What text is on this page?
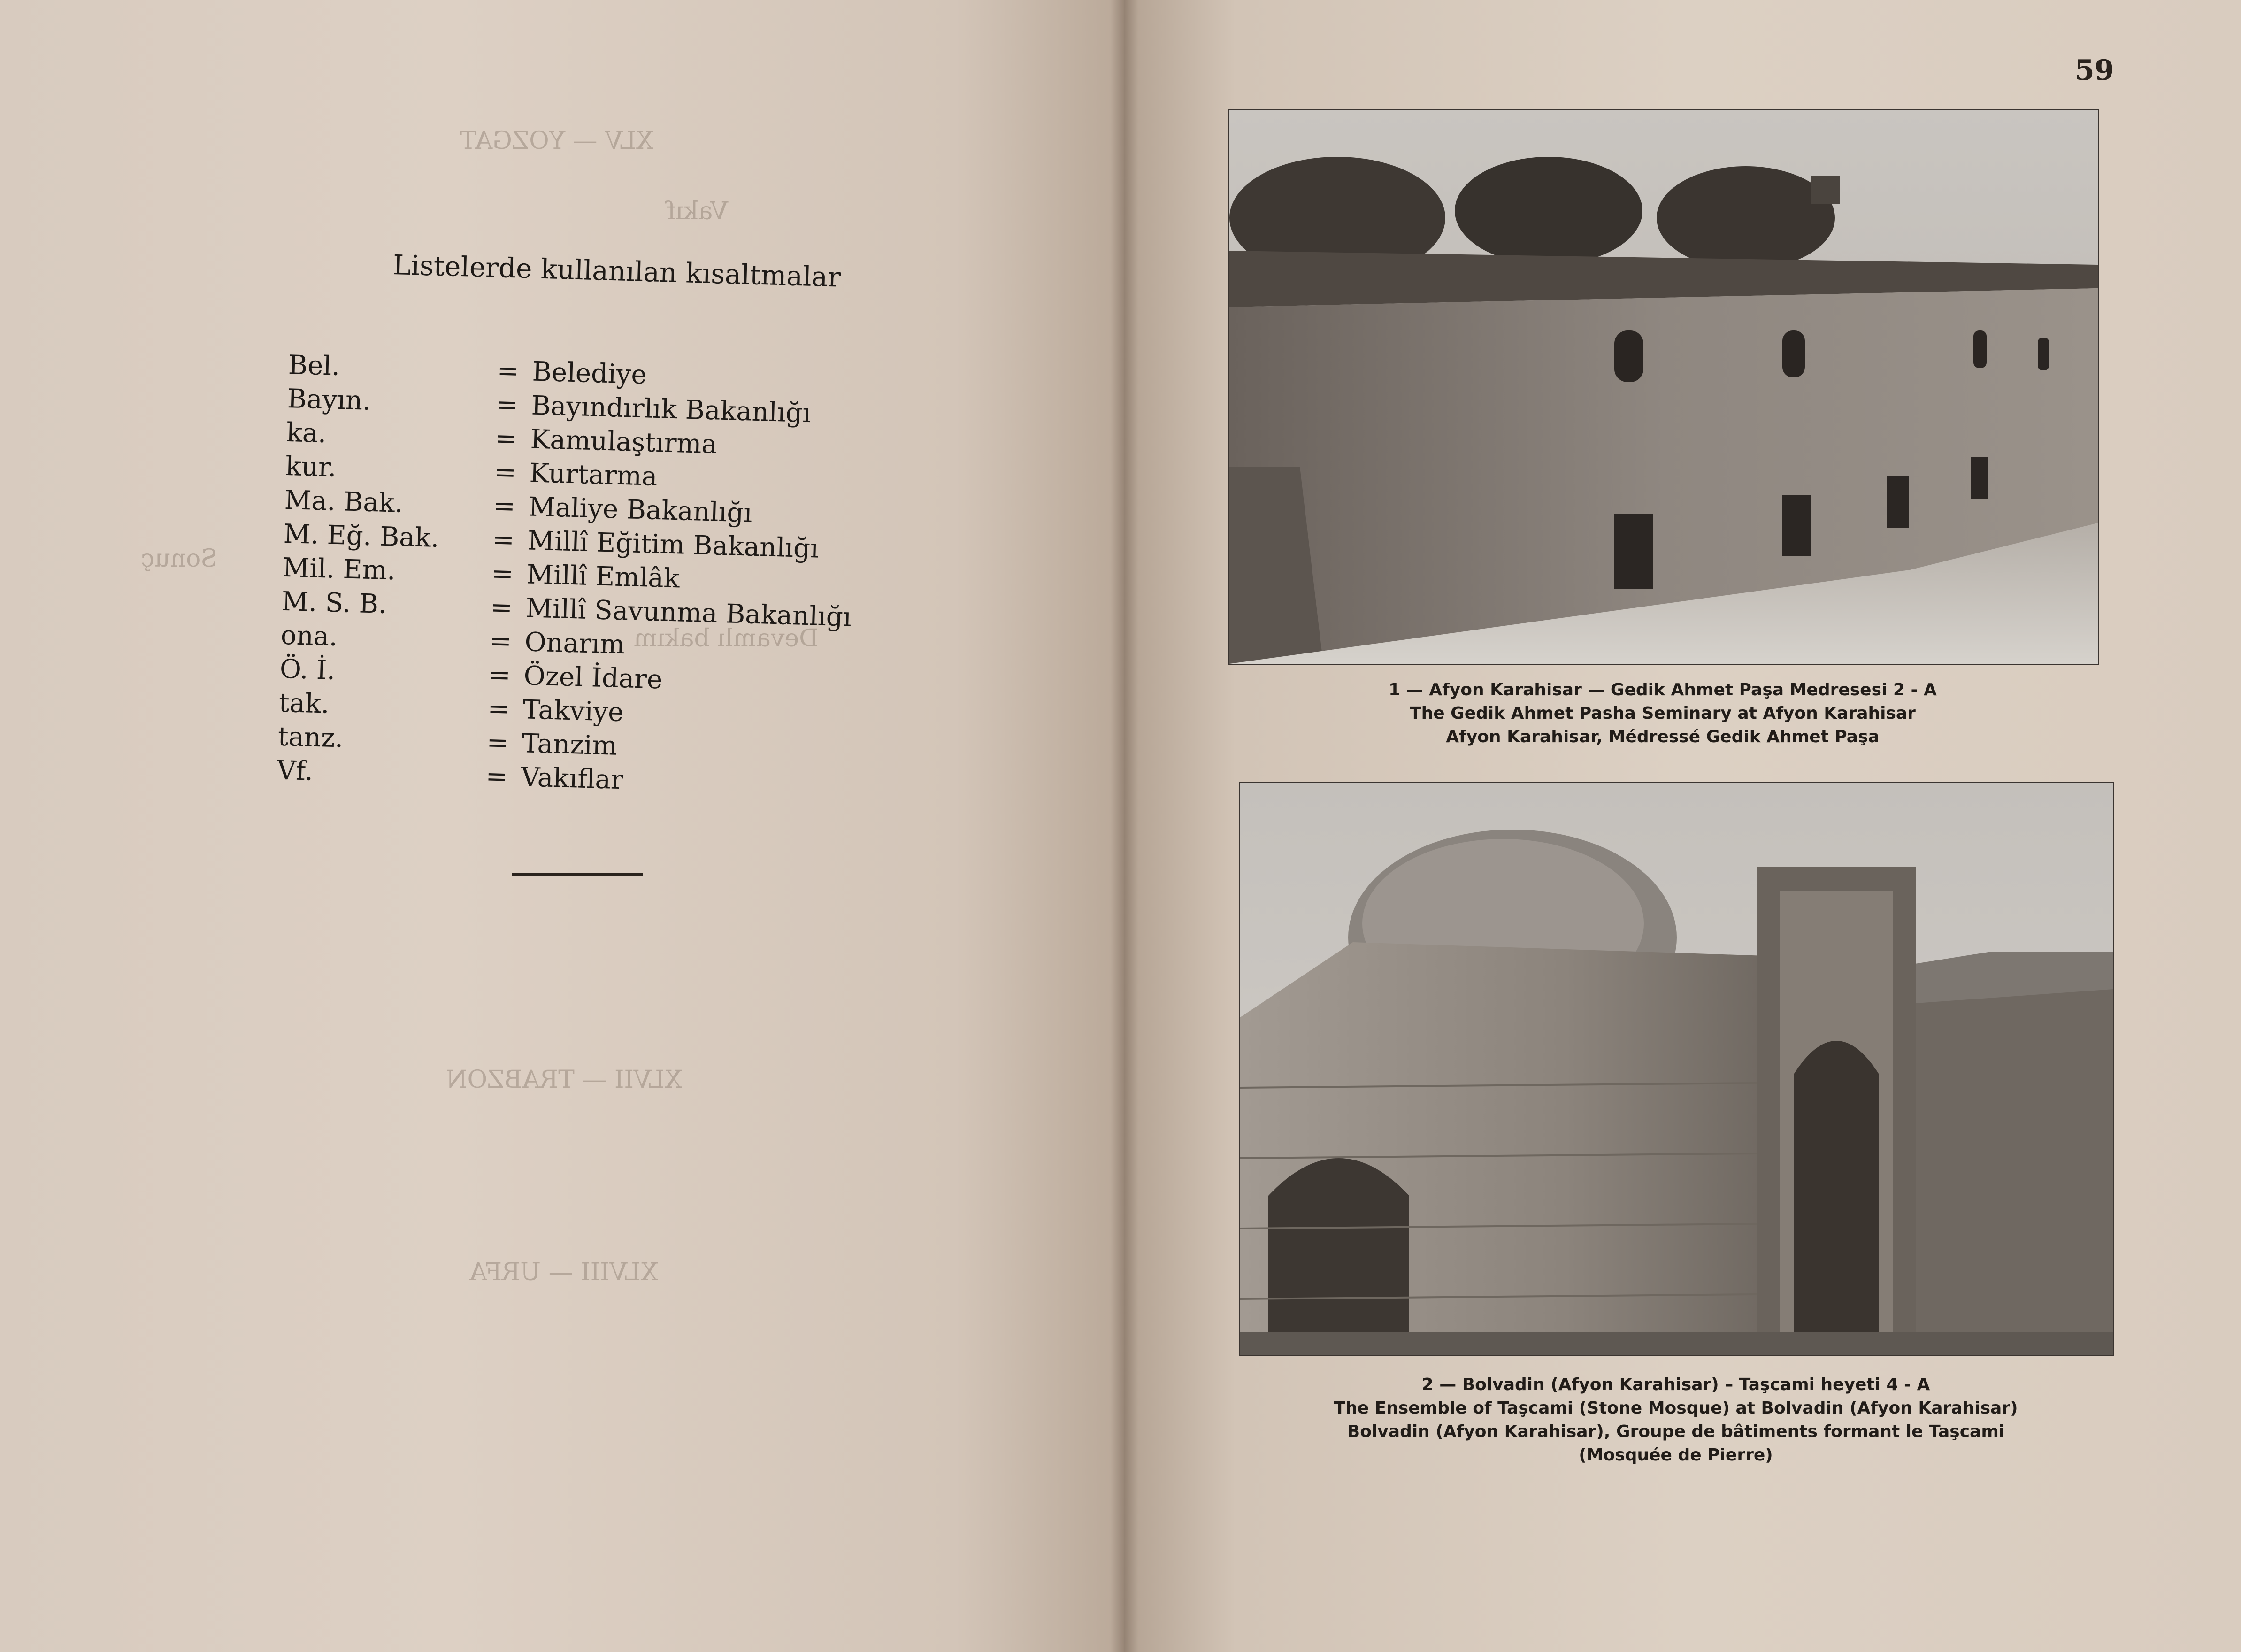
XLV — YOZGAT
Vakıf
Sonuç
Devamlı bakım
XLVII — TRABZON
XLVIII — URFA
Listelerde kullanılan kısaltmalar
Bel.	= Belediye
Bayın.	= Bayındırlık Bakanlığı
ka.	= Kamulaştırma
kur.	= Kurtarma
Ma. Bak.	= Maliye Bakanlığı
M. Eğ. Bak. = Millî Eğitim Bakanlığı
Mil. Em.	= Millî Emlâk
M. S. B.	= Millî Savunma Bakanlığı
ona.	= Onarım
Ö. İ.	= Özel İdare
tak.	= Takviye
tanz.	= Tanzim
Vf.	= Vakıflar
59
1 — Afyon Karahisar — Gedik Ahmet Paşa Medresesi 2 - A
The Gedik Ahmet Pasha Seminary at Afyon Karahisar
Afyon Karahisar, Médressé Gedik Ahmet Paşa
2 — Bolvadin (Afyon Karahisar) – Taşcami heyeti 4 - A
The Ensemble of Taşcami (Stone Mosque) at Bolvadin (Afyon Karahisar)
Bolvadin (Afyon Karahisar), Groupe de bâtiments formant le Taşcami
(Mosquée de Pierre)
